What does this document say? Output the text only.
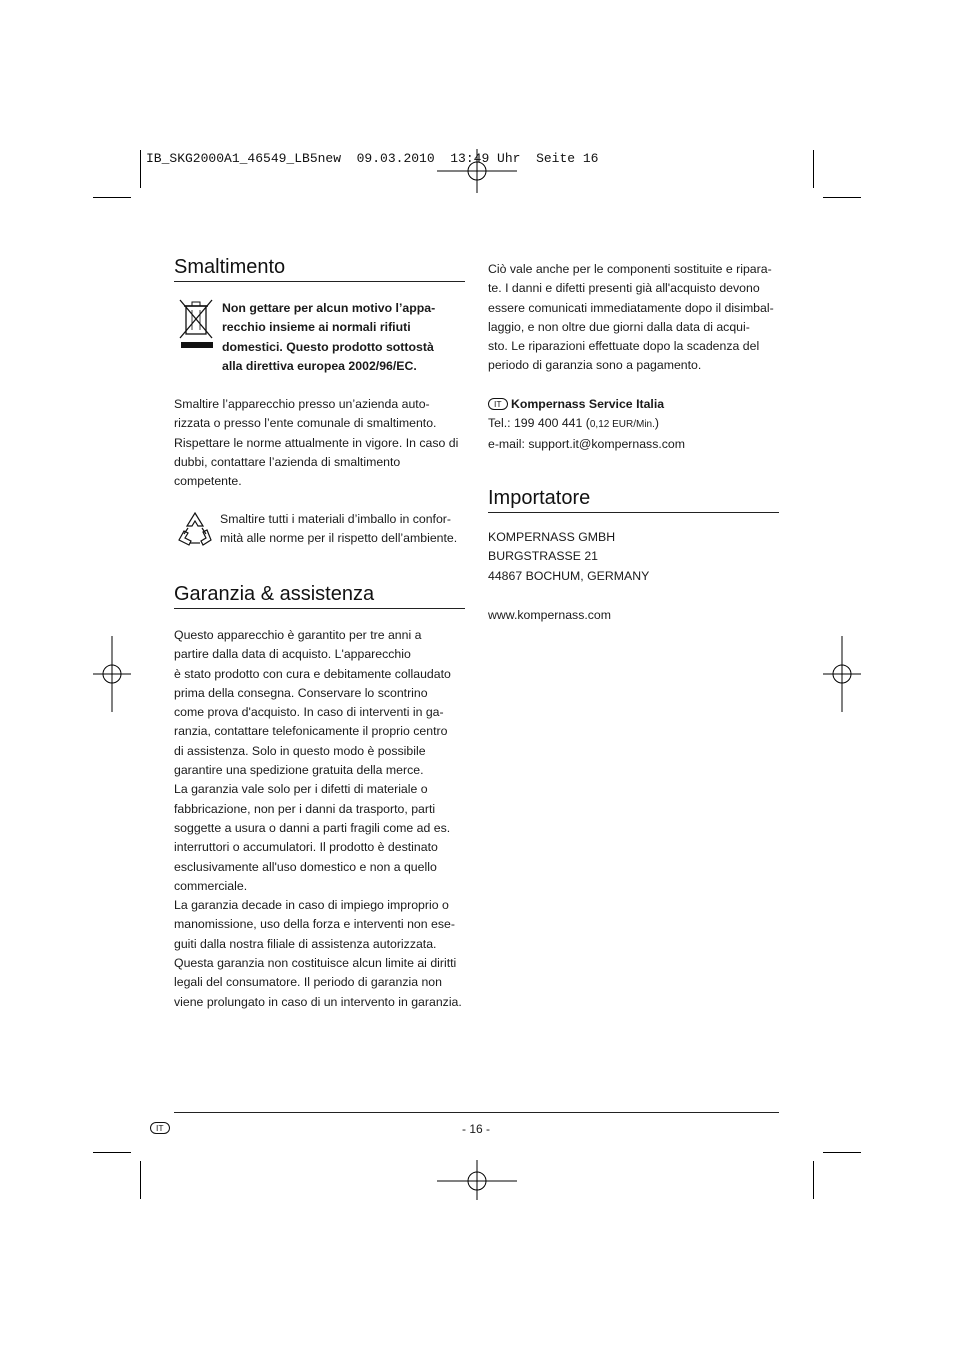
IB_SKG2000A1_46549_LB5new  09.03.2010  13:49 Uhr  Seite 16
Smaltimento
Non gettare per alcun motivo l’appa-
recchio insieme ai normali rifiuti
domestici. Questo prodotto sottostà
alla direttiva europea 2002/96/EC.
Smaltire l’apparecchio presso un’azienda auto-
rizzata o presso l’ente comunale di smaltimento.
Rispettare le norme attualmente in vigore. In caso di
dubbi, contattare l’azienda di smaltimento
competente.
Smaltire tutti i materiali d’imballo in confor-
mità alle norme per il rispetto dell’ambiente.
Garanzia & assistenza
Questo apparecchio è garantito per tre anni a
partire dalla data di acquisto. L'apparecchio
è stato prodotto con cura e debitamente collaudato
prima della consegna. Conservare lo scontrino
come prova d'acquisto. In caso di interventi in ga-
ranzia, contattare telefonicamente il proprio centro
di assistenza. Solo in questo modo è possibile
garantire una spedizione gratuita della merce.
La garanzia vale solo per i difetti di materiale o
fabbricazione, non per i danni da trasporto, parti
soggette a usura o danni a parti fragili come ad es.
interruttori o accumulatori. Il prodotto è destinato
esclusivamente all'uso domestico e non a quello
commerciale.
La garanzia decade in caso di impiego improprio o
manomissione, uso della forza e interventi non ese-
guiti dalla nostra filiale di assistenza autorizzata.
Questa garanzia non costituisce alcun limite ai diritti
legali del consumatore. Il periodo di garanzia non
viene prolungato in caso di un intervento in garanzia.
Ciò vale anche per le componenti sostituite e ripara-
te. I danni e difetti presenti già all'acquisto devono
essere comunicati immediatamente dopo il disimbal-
laggio, e non oltre due giorni dalla data di acqui-
sto. Le riparazioni effettuate dopo la scadenza del
periodo di garanzia sono a pagamento.
IT Kompernass Service Italia
Tel.: 199 400 441 (0,12 EUR/Min.)
e-mail: support.it@kompernass.com
Importatore
KOMPERNASS GMBH
BURGSTRASSE 21
44867 BOCHUM, GERMANY
www.kompernass.com
IT	- 16 -
